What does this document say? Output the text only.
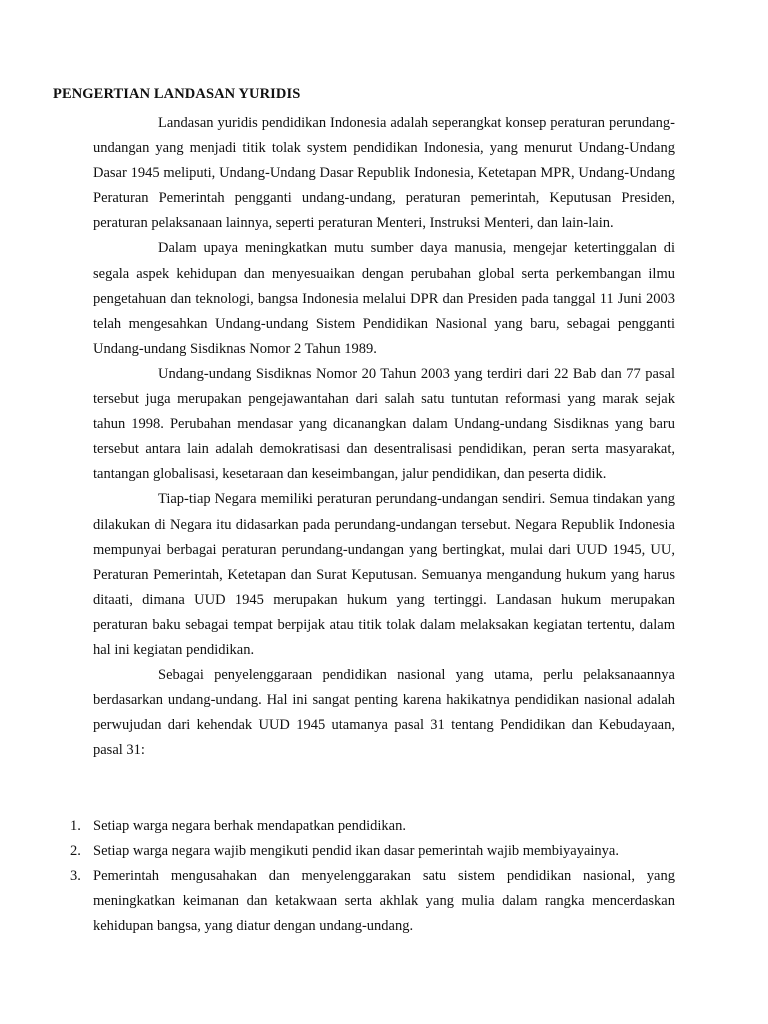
PENGERTIAN LANDASAN YURIDIS

Landasan yuridis pendidikan Indonesia adalah seperangkat konsep peraturan perundang-undangan yang menjadi titik tolak system pendidikan Indonesia, yang menurut Undang-Undang Dasar 1945 meliputi, Undang-Undang Dasar Republik Indonesia, Ketetapan MPR, Undang-Undang Peraturan Pemerintah pengganti undang-undang, peraturan pemerintah, Keputusan Presiden, peraturan pelaksanaan lainnya, seperti peraturan Menteri, Instruksi Menteri, dan lain-lain.

Dalam upaya meningkatkan mutu sumber daya manusia, mengejar ketertinggalan di segala aspek kehidupan dan menyesuaikan dengan perubahan global serta perkembangan ilmu pengetahuan dan teknologi, bangsa Indonesia melalui DPR dan Presiden pada tanggal 11 Juni 2003 telah mengesahkan Undang-undang Sistem Pendidikan Nasional yang baru, sebagai pengganti Undang-undang Sisdiknas Nomor 2 Tahun 1989.

Undang-undang Sisdiknas Nomor 20 Tahun 2003 yang terdiri dari 22 Bab dan 77 pasal tersebut juga merupakan pengejawantahan dari salah satu tuntutan reformasi yang marak sejak tahun 1998. Perubahan mendasar yang dicanangkan dalam Undang-undang Sisdiknas yang baru tersebut antara lain adalah demokratisasi dan desentralisasi pendidikan, peran serta masyarakat, tantangan globalisasi, kesetaraan dan keseimbangan, jalur pendidikan, dan peserta didik.

Tiap-tiap Negara memiliki peraturan perundang-undangan sendiri. Semua tindakan yang dilakukan di Negara itu didasarkan pada perundang-undangan tersebut. Negara Republik Indonesia mempunyai berbagai peraturan perundang-undangan yang bertingkat, mulai dari UUD 1945, UU, Peraturan Pemerintah, Ketetapan dan Surat Keputusan. Semuanya mengandung hukum yang harus ditaati, dimana UUD 1945 merupakan hukum yang tertinggi. Landasan hukum merupakan peraturan baku sebagai tempat berpijak atau titik tolak dalam melaksakan kegiatan tertentu, dalam hal ini kegiatan pendidikan.

Sebagai penyelenggaraan pendidikan nasional yang utama, perlu pelaksanaannya berdasarkan undang-undang. Hal ini sangat penting karena hakikatnya pendidikan nasional adalah perwujudan dari kehendak UUD 1945 utamanya pasal 31 tentang Pendidikan dan Kebudayaan, pasal 31:

1. Setiap warga negara berhak mendapatkan pendidikan.
2. Setiap warga negara wajib mengikuti pendid ikan dasar pemerintah wajib membiyayainya.
3. Pemerintah mengusahakan dan menyelenggarakan satu sistem pendidikan nasional, yang meningkatkan keimanan dan ketakwaan serta akhlak yang mulia dalam rangka mencerdaskan kehidupan bangsa, yang diatur dengan undang-undang.
